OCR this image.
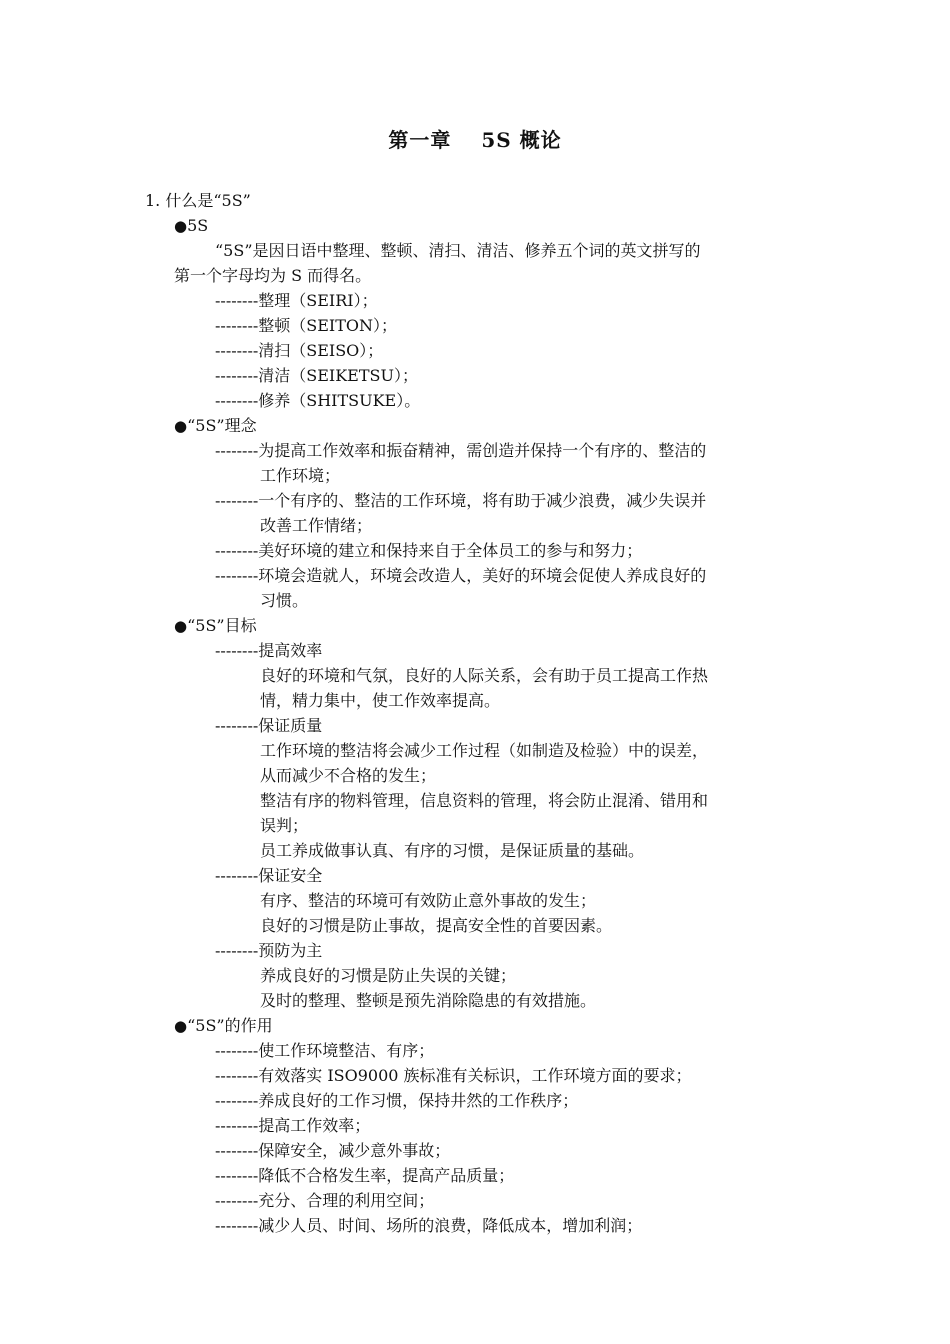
第一章 5S 概论
1. 什么是“5S”
● 5S
“5S”是因日语中整理、整顿、清扫、清洁、修养五个词的英文拼写的
第一个字母均为 S 而得名。
--------整理（SEIRI）；
--------整顿（SEITON）；
--------清扫（SEISO）；
--------清洁（SEIKETSU）；
--------修养（SHITSUKE）。
● “5S”理念
--------为提高工作效率和振奋精神，需创造并保持一个有序的、整洁的
工作环境；
--------一个有序的、整洁的工作环境，将有助于减少浪费，减少失误并
改善工作情绪；
--------美好环境的建立和保持来自于全体员工的参与和努力；
--------环境会造就人，环境会改造人，美好的环境会促使人养成良好的
习惯。
● “5S”目标
--------提高效率
良好的环境和气氛，良好的人际关系，会有助于员工提高工作热
情，精力集中，使工作效率提高。
--------保证质量
工作环境的整洁将会减少工作过程（如制造及检验）中的误差，
从而减少不合格的发生；
整洁有序的物料管理，信息资料的管理，将会防止混淆、错用和
误判；
员工养成做事认真、有序的习惯，是保证质量的基础。
--------保证安全
有序、整洁的环境可有效防止意外事故的发生；
良好的习惯是防止事故，提高安全性的首要因素。
--------预防为主
养成良好的习惯是防止失误的关键；
及时的整理、整顿是预先消除隐患的有效措施。
● “5S”的作用
--------使工作环境整洁、有序；
--------有效落实 ISO9000 族标准有关标识，工作环境方面的要求；
--------养成良好的工作习惯，保持井然的工作秩序；
--------提高工作效率；
--------保障安全，减少意外事故；
--------降低不合格发生率，提高产品质量；
--------充分、合理的利用空间；
--------减少人员、时间、场所的浪费，降低成本，增加利润；
